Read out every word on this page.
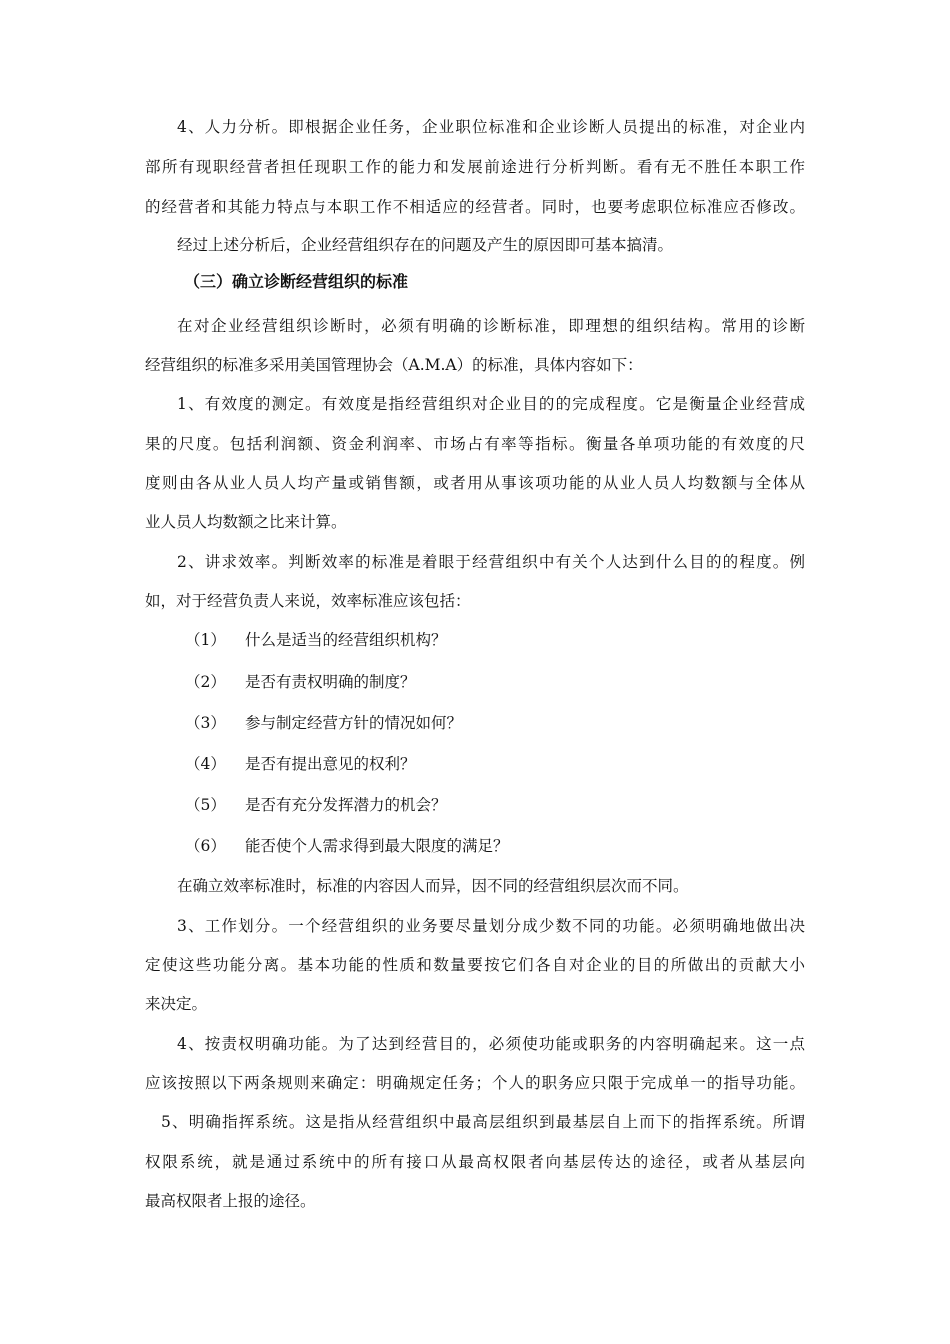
4、人力分析。即根据企业任务，企业职位标准和企业诊断人员提出的标准，对企业内
部所有现职经营者担任现职工作的能力和发展前途进行分析判断。看有无不胜任本职工作
的经营者和其能力特点与本职工作不相适应的经营者。同时，也要考虑职位标准应否修改。
经过上述分析后，企业经营组织存在的问题及产生的原因即可基本搞清。
（三）确立诊断经营组织的标准
在对企业经营组织诊断时，必须有明确的诊断标准，即理想的组织结构。常用的诊断
经营组织的标准多采用美国管理协会（A.M.A）的标准，具体内容如下：
1、有效度的测定。有效度是指经营组织对企业目的的完成程度。它是衡量企业经营成
果的尺度。包括利润额、资金利润率、市场占有率等指标。衡量各单项功能的有效度的尺
度则由各从业人员人均产量或销售额，或者用从事该项功能的从业人员人均数额与全体从
业人员人均数额之比来计算。
2、讲求效率。判断效率的标准是着眼于经营组织中有关个人达到什么目的的程度。例
如，对于经营负责人来说，效率标准应该包括：
（1） 什么是适当的经营组织机构？
（2） 是否有责权明确的制度？
（3） 参与制定经营方针的情况如何？
（4） 是否有提出意见的权利？
（5） 是否有充分发挥潜力的机会？
（6） 能否使个人需求得到最大限度的满足？
在确立效率标准时，标准的内容因人而异，因不同的经营组织层次而不同。
3、工作划分。一个经营组织的业务要尽量划分成少数不同的功能。必须明确地做出决
定使这些功能分离。基本功能的性质和数量要按它们各自对企业的目的所做出的贡献大小
来决定。
4、按责权明确功能。为了达到经营目的，必须使功能或职务的内容明确起来。这一点
应该按照以下两条规则来确定：明确规定任务；个人的职务应只限于完成单一的指导功能。
5、明确指挥系统。这是指从经营组织中最高层组织到最基层自上而下的指挥系统。所谓
权限系统，就是通过系统中的所有接口从最高权限者向基层传达的途径，或者从基层向
最高权限者上报的途径。
